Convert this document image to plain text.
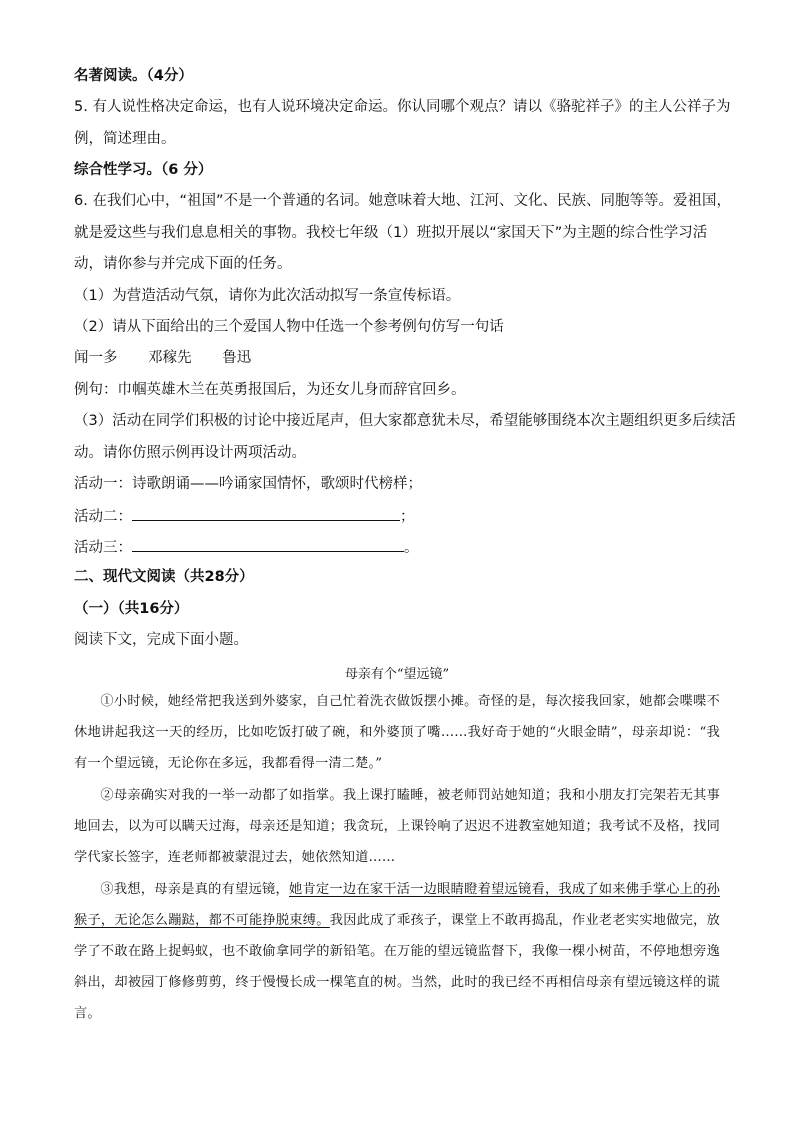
名著阅读。（4分）
5. 有人说性格决定命运，也有人说环境决定命运。你认同哪个观点？请以《骆驼祥子》的主人公祥子为
例，简述理由。
综合性学习。（6 分）
6. 在我们心中，“祖国”不是一个普通的名词。她意味着大地、江河、文化、民族、同胞等等。爱祖国，
就是爱这些与我们息息相关的事物。我校七年级（1）班拟开展以“家国天下”为主题的综合性学习活
动，请你参与并完成下面的任务。
（1）为营造活动气氛，请你为此次活动拟写一条宣传标语。
（2）请从下面给出的三个爱国人物中任选一个参考例句仿写一句话
闻一多 邓稼先 鲁迅
例句：巾帼英雄木兰在英勇报国后，为还女儿身而辞官回乡。
（3）活动在同学们积极的讨论中接近尾声，但大家都意犹未尽，希望能够围绕本次主题组织更多后续活
动。请你仿照示例再设计两项活动。
活动一：诗歌朗诵——吟诵家国情怀，歌颂时代榜样；
活动二：	；
活动三：	。
二、现代文阅读（共28分）
（一）（共16分）
阅读下文，完成下面小题。
母亲有个“望远镜”
①小时候，她经常把我送到外婆家，自己忙着洗衣做饭摆小摊。奇怪的是，每次接我回家，她都会喋喋不休地讲起我这一天的经历，比如吃饭打破了碗，和外婆顶了嘴……我好奇于她的“火眼金睛”，母亲却说：“我有一个望远镜，无论你在多远，我都看得一清二楚。”
②母亲确实对我的一举一动都了如指掌。我上课打瞌睡，被老师罚站她知道；我和小朋友打完架若无其事地回去，以为可以瞒天过海，母亲还是知道；我贪玩，上课铃响了迟迟不进教室她知道；我考试不及格，找同学代家长签字，连老师都被蒙混过去，她依然知道……
③我想，母亲是真的有望远镜，她肯定一边在家干活一边眼睛瞪着望远镜看，我成了如来佛手掌心上的孙猴子，无论怎么蹦跶，都不可能挣脱束缚。我因此成了乖孩子，课堂上不敢再捣乱，作业老老实实地做完，放学了不敢在路上捉蚂蚁，也不敢偷拿同学的新铅笔。在万能的望远镜监督下，我像一棵小树苗，不停地想旁逸斜出，却被园丁修修剪剪，终于慢慢长成一棵笔直的树。当然，此时的我已经不再相信母亲有望远镜这样的谎言。
